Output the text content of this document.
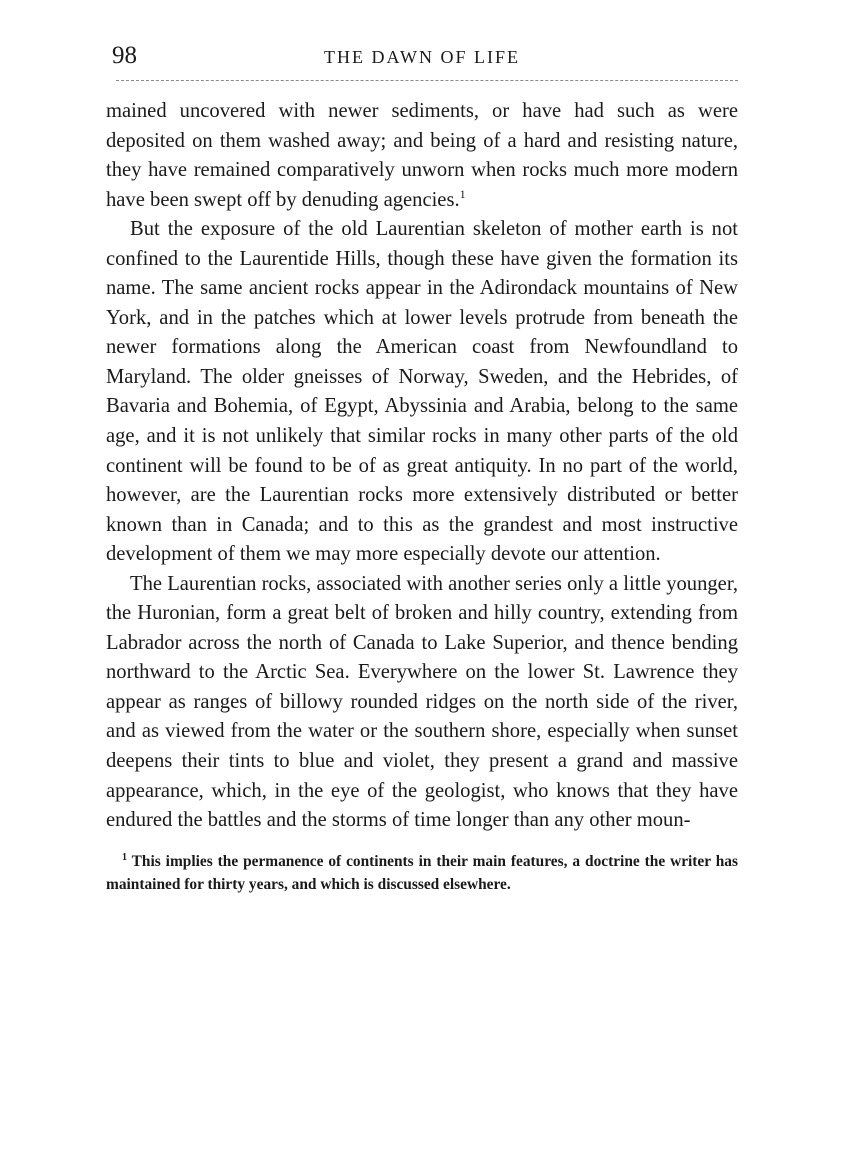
98	THE DAWN OF LIFE

mained uncovered with newer sediments, or have had such as were deposited on them washed away; and being of a hard and resisting nature, they have remained comparatively unworn when rocks much more modern have been swept off by denuding agencies.$^1$

But the exposure of the old Laurentian skeleton of mother earth is not confined to the Laurentide Hills, though these have given the formation its name. The same ancient rocks appear in the Adirondack mountains of New York, and in the patches which at lower levels protrude from beneath the newer formations along the American coast from Newfoundland to Maryland. The older gneisses of Norway, Sweden, and the Hebrides, of Bavaria and Bohemia, of Egypt, Abyssinia and Arabia, belong to the same age, and it is not unlikely that similar rocks in many other parts of the old continent will be found to be of as great antiquity. In no part of the world, however, are the Laurentian rocks more extensively distributed or better known than in Canada; and to this as the grandest and most instructive development of them we may more especially devote our attention.

The Laurentian rocks, associated with another series only a little younger, the Huronian, form a great belt of broken and hilly country, extending from Labrador across the north of Canada to Lake Superior, and thence bending northward to the Arctic Sea. Everywhere on the lower St. Lawrence they appear as ranges of billowy rounded ridges on the north side of the river, and as viewed from the water or the southern shore, especially when sunset deepens their tints to blue and violet, they present a grand and massive appearance, which, in the eye of the geologist, who knows that they have endured the battles and the storms of time longer than any other moun-

$^1$ This implies the permanence of continents in their main features, a doctrine the writer has maintained for thirty years, and which is discussed elsewhere.
